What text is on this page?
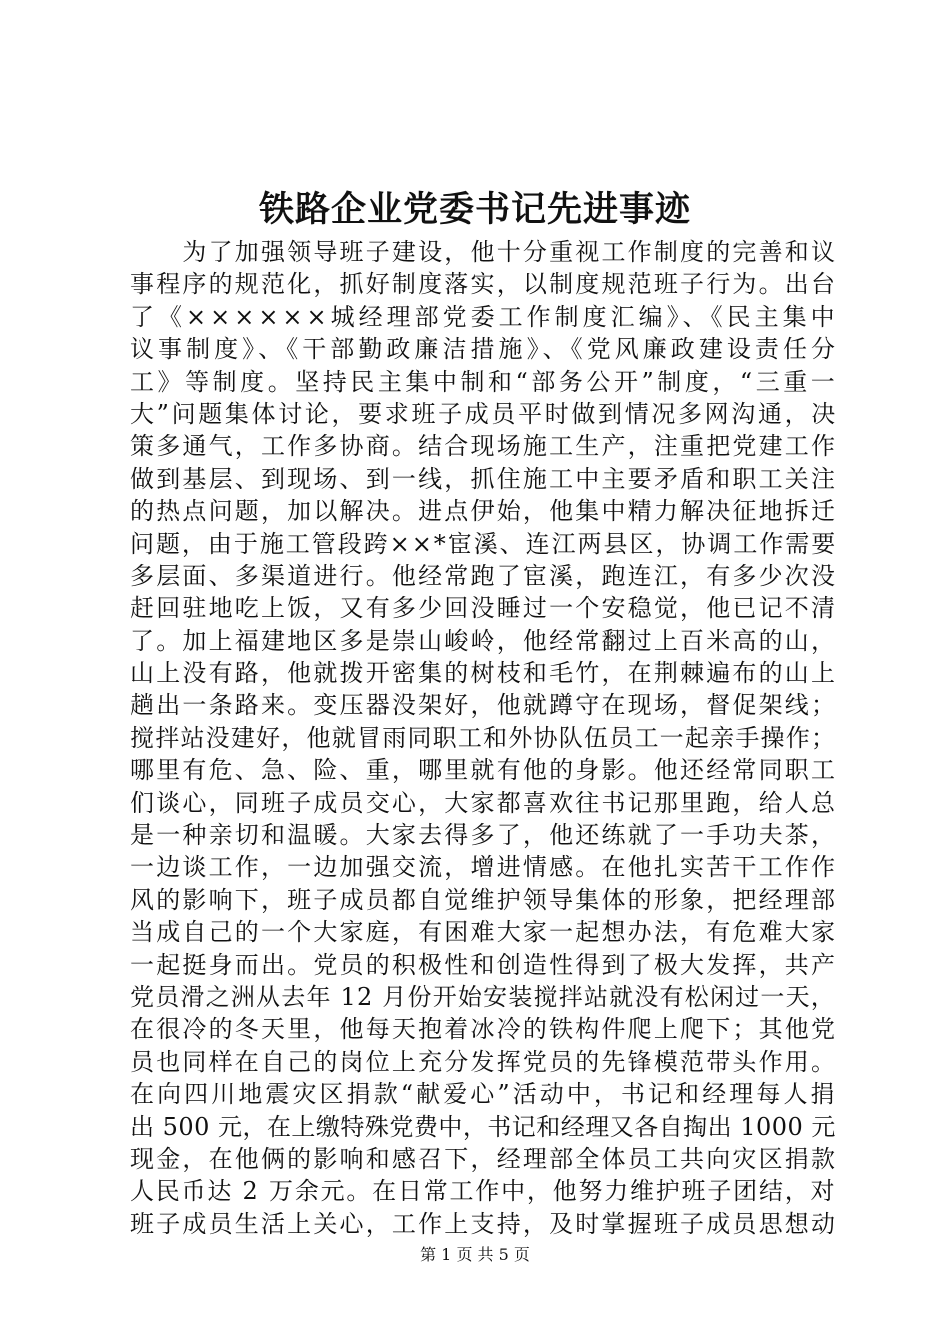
铁路企业党委书记先进事迹
　　为了加强领导班子建设，他十分重视工作制度的完善和议
事程序的规范化，抓好制度落实，以制度规范班子行为。出台
了《××××××城经理部党委工作制度汇编》、《民主集中
议事制度》、《干部勤政廉洁措施》、《党风廉政建设责任分
工》等制度。坚持民主集中制和“部务公开”制度，“三重一
大”问题集体讨论，要求班子成员平时做到情况多网沟通，决
策多通气，工作多协商。结合现场施工生产，注重把党建工作
做到基层、到现场、到一线，抓住施工中主要矛盾和职工关注
的热点问题，加以解决。进点伊始，他集中精力解决征地拆迁
问题，由于施工管段跨××*宦溪、连江两县区，协调工作需要
多层面、多渠道进行。他经常跑了宦溪，跑连江，有多少次没
赶回驻地吃上饭，又有多少回没睡过一个安稳觉，他已记不清
了。加上福建地区多是崇山峻岭，他经常翻过上百米高的山，
山上没有路，他就拨开密集的树枝和毛竹，在荆棘遍布的山上
趟出一条路来。变压器没架好，他就蹲守在现场，督促架线；
搅拌站没建好，他就冒雨同职工和外协队伍员工一起亲手操作；
哪里有危、急、险、重，哪里就有他的身影。他还经常同职工
们谈心，同班子成员交心，大家都喜欢往书记那里跑，给人总
是一种亲切和温暖。大家去得多了，他还练就了一手功夫茶，
一边谈工作，一边加强交流，增进情感。在他扎实苦干工作作
风的影响下，班子成员都自觉维护领导集体的形象，把经理部
当成自己的一个大家庭，有困难大家一起想办法，有危难大家
一起挺身而出。党员的积极性和创造性得到了极大发挥，共产
党员滑之洲从去年 12 月份开始安装搅拌站就没有松闲过一天，
在很冷的冬天里，他每天抱着冰冷的铁构件爬上爬下；其他党
员也同样在自己的岗位上充分发挥党员的先锋模范带头作用。
在向四川地震灾区捐款“献爱心”活动中，书记和经理每人捐
出 500 元，在上缴特殊党费中，书记和经理又各自掏出 1000 元
现金，在他俩的影响和感召下，经理部全体员工共向灾区捐款
人民币达 2 万余元。在日常工作中，他努力维护班子团结，对
班子成员生活上关心，工作上支持，及时掌握班子成员思想动
第 1 页 共 5 页
